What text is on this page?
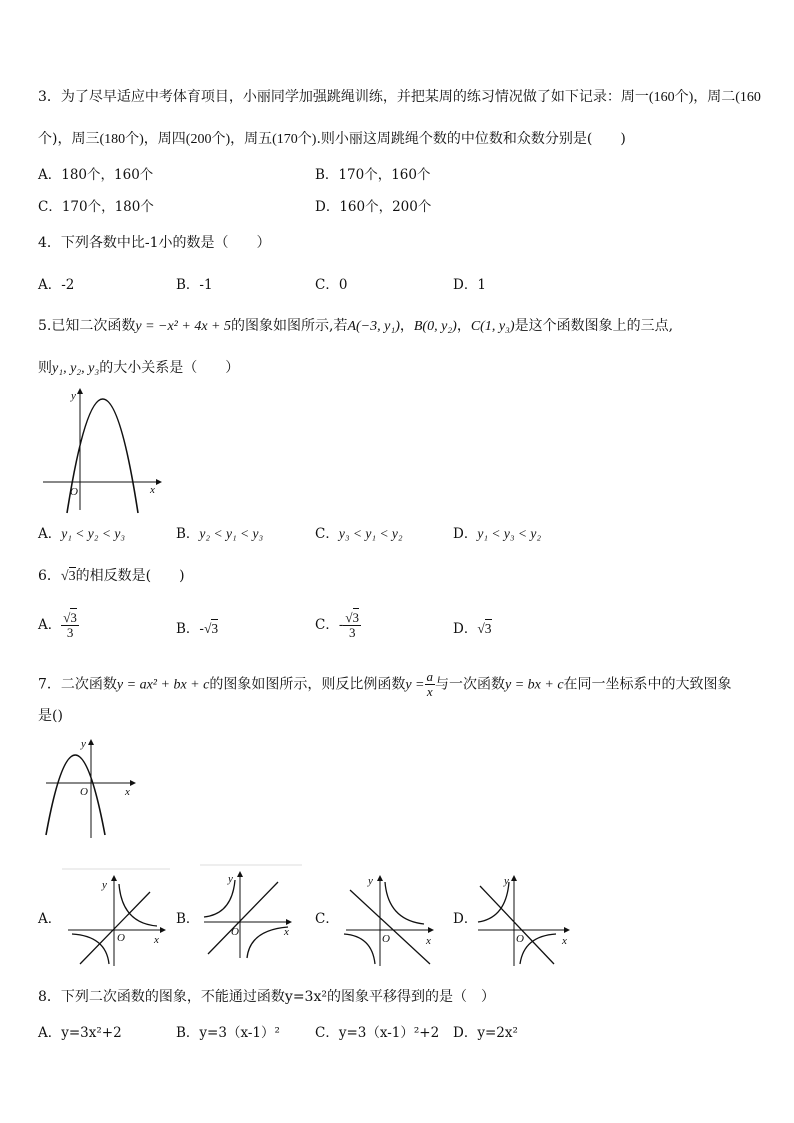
3．为了尽早适应中考体育项目，小丽同学加强跳绳训练，并把某周的练习情况做了如下记录：周一(160个)，周二(160
个)，周三(180个)，周四(200个)，周五(170个).则小丽这周跳绳个数的中位数和众数分别是(　　)
A．180个，160个	B．170个，160个
C．170个，180个	D．160个，200个
4．下列各数中比-1小的数是（　　）
A．-2	B．-1	C．0	D．1
5.已知二次函数y = −x² + 4x + 5的图象如图所示,若A(−3, y₁)，B(0, y₂)，C(1, y₃)是这个函数图象上的三点,
则y₁, y₂, y₃的大小关系是（　　）
y
x
O
A．y₁ < y₂ < y₃	B．y₂ < y₁ < y₃	C．y₃ < y₁ < y₂	D．y₁ < y₃ < y₂
6．√3的相反数是(　　)
A． $\frac{√3}{3}$	B．-√3	C．- $\frac{√3}{3}$	D．√3
7．二次函数y = ax² + bx + c的图象如图所示，则反比例函数$y = \frac{a}{x}$ 与一次函数y = bx + c在同一坐标系中的大致图象
是()
y
x
O
A．
y
x
O
B．
y
x
O
C．
y
x
O
D．
y
x
O
8．下列二次函数的图象，不能通过函数y=3x²的图象平移得到的是（　）
A．y=3x²+2	B．y=3（x-1）²	C．y=3（x-1）²+2 D．y=2x²
